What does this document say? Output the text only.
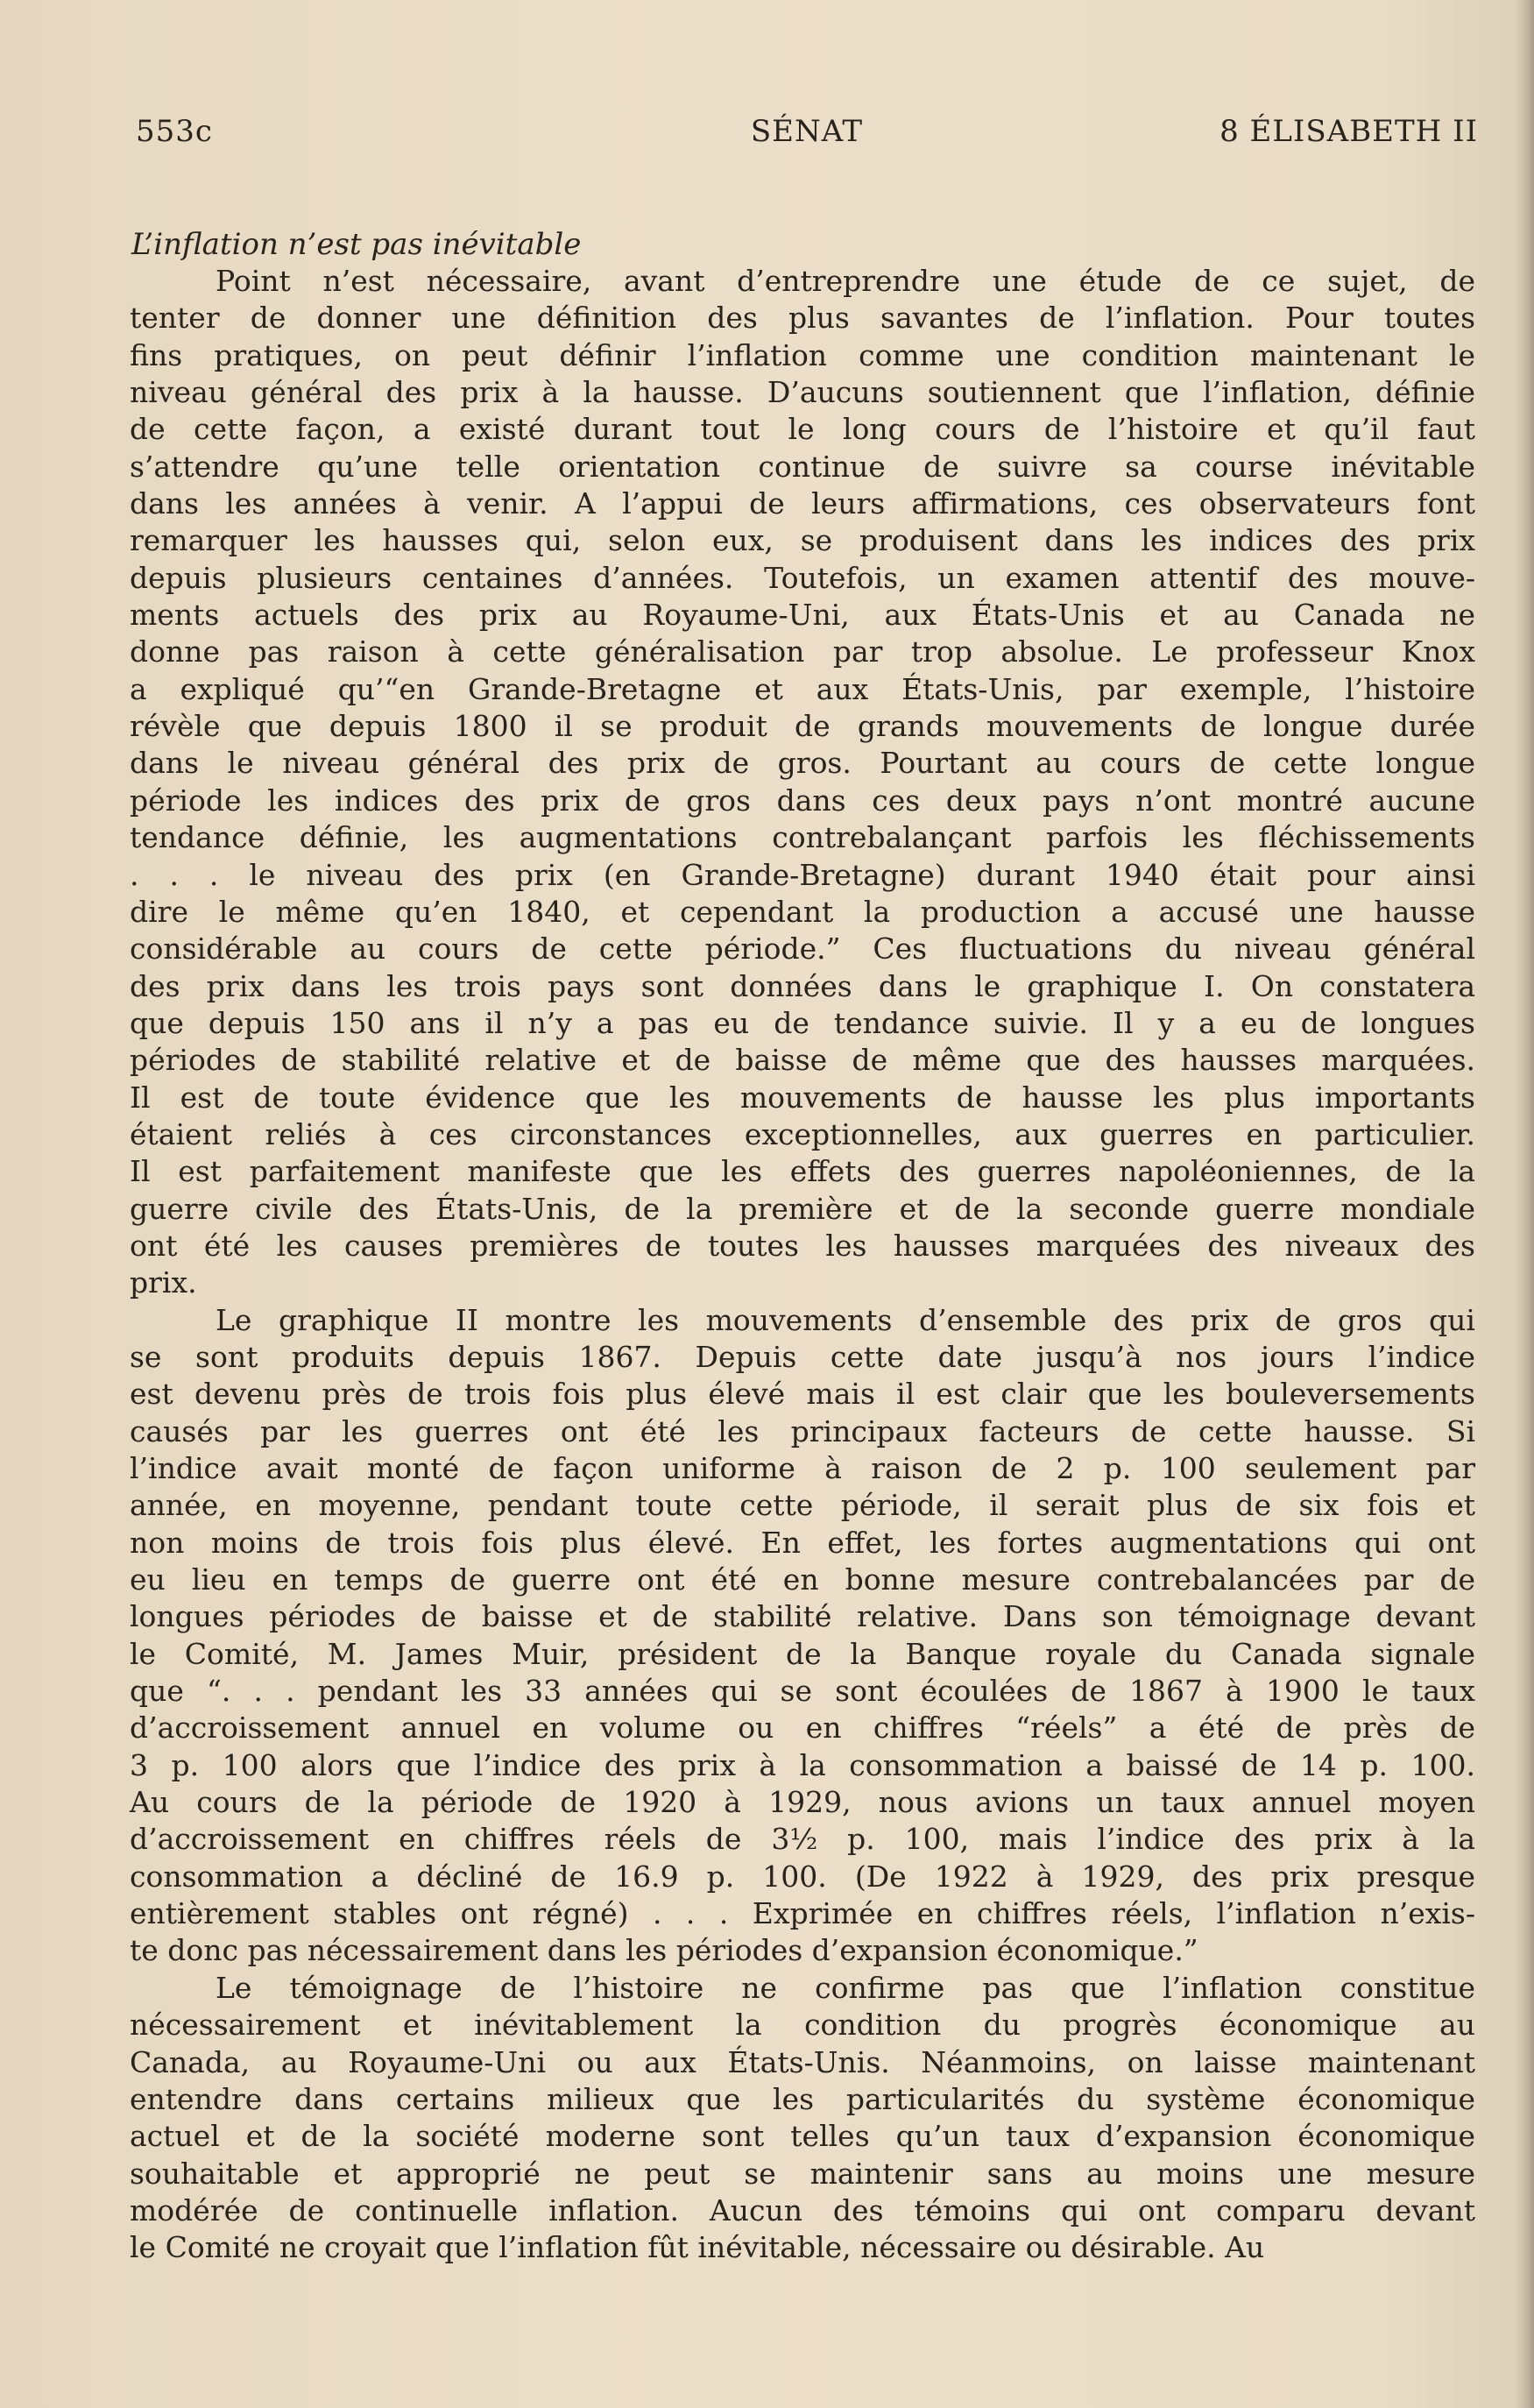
553c	SÉNAT	8 ÉLISABETH II
L’inflation n’est pas inévitable
Point n’est nécessaire, avant d’entreprendre une étude de ce sujet, de
tenter de donner une définition des plus savantes de l’inflation. Pour toutes
fins pratiques, on peut définir l’inflation comme une condition maintenant le
niveau général des prix à la hausse. D’aucuns soutiennent que l’inflation, définie
de cette façon, a existé durant tout le long cours de l’histoire et qu’il faut
s’attendre qu’une telle orientation continue de suivre sa course inévitable
dans les années à venir. A l’appui de leurs affirmations, ces observateurs font
remarquer les hausses qui, selon eux, se produisent dans les indices des prix
depuis plusieurs centaines d’années. Toutefois, un examen attentif des mouve-
ments actuels des prix au Royaume-Uni, aux États-Unis et au Canada ne
donne pas raison à cette généralisation par trop absolue. Le professeur Knox
a expliqué qu’“en Grande-Bretagne et aux États-Unis, par exemple, l’histoire
révèle que depuis 1800 il se produit de grands mouvements de longue durée
dans le niveau général des prix de gros. Pourtant au cours de cette longue
période les indices des prix de gros dans ces deux pays n’ont montré aucune
tendance définie, les augmentations contrebalançant parfois les fléchissements
. . . le niveau des prix (en Grande-Bretagne) durant 1940 était pour ainsi
dire le même qu’en 1840, et cependant la production a accusé une hausse
considérable au cours de cette période.” Ces fluctuations du niveau général
des prix dans les trois pays sont données dans le graphique I. On constatera
que depuis 150 ans il n’y a pas eu de tendance suivie. Il y a eu de longues
périodes de stabilité relative et de baisse de même que des hausses marquées.
Il est de toute évidence que les mouvements de hausse les plus importants
étaient reliés à ces circonstances exceptionnelles, aux guerres en particulier.
Il est parfaitement manifeste que les effets des guerres napoléoniennes, de la
guerre civile des États-Unis, de la première et de la seconde guerre mondiale
ont été les causes premières de toutes les hausses marquées des niveaux des
prix.
Le graphique II montre les mouvements d’ensemble des prix de gros qui
se sont produits depuis 1867. Depuis cette date jusqu’à nos jours l’indice
est devenu près de trois fois plus élevé mais il est clair que les bouleversements
causés par les guerres ont été les principaux facteurs de cette hausse. Si
l’indice avait monté de façon uniforme à raison de 2 p. 100 seulement par
année, en moyenne, pendant toute cette période, il serait plus de six fois et
non moins de trois fois plus élevé. En effet, les fortes augmentations qui ont
eu lieu en temps de guerre ont été en bonne mesure contrebalancées par de
longues périodes de baisse et de stabilité relative. Dans son témoignage devant
le Comité, M. James Muir, président de la Banque royale du Canada signale
que “. . . pendant les 33 années qui se sont écoulées de 1867 à 1900 le taux
d’accroissement annuel en volume ou en chiffres “réels” a été de près de
3 p. 100 alors que l’indice des prix à la consommation a baissé de 14 p. 100.
Au cours de la période de 1920 à 1929, nous avions un taux annuel moyen
d’accroissement en chiffres réels de 3½ p. 100, mais l’indice des prix à la
consommation a décliné de 16.9 p. 100. (De 1922 à 1929, des prix presque
entièrement stables ont régné) . . . Exprimée en chiffres réels, l’inflation n’exis-
te donc pas nécessairement dans les périodes d’expansion économique.”
Le témoignage de l’histoire ne confirme pas que l’inflation constitue
nécessairement et inévitablement la condition du progrès économique au
Canada, au Royaume-Uni ou aux États-Unis. Néanmoins, on laisse maintenant
entendre dans certains milieux que les particularités du système économique
actuel et de la société moderne sont telles qu’un taux d’expansion économique
souhaitable et approprié ne peut se maintenir sans au moins une mesure
modérée de continuelle inflation. Aucun des témoins qui ont comparu devant
le Comité ne croyait que l’inflation fût inévitable, nécessaire ou désirable. Au
